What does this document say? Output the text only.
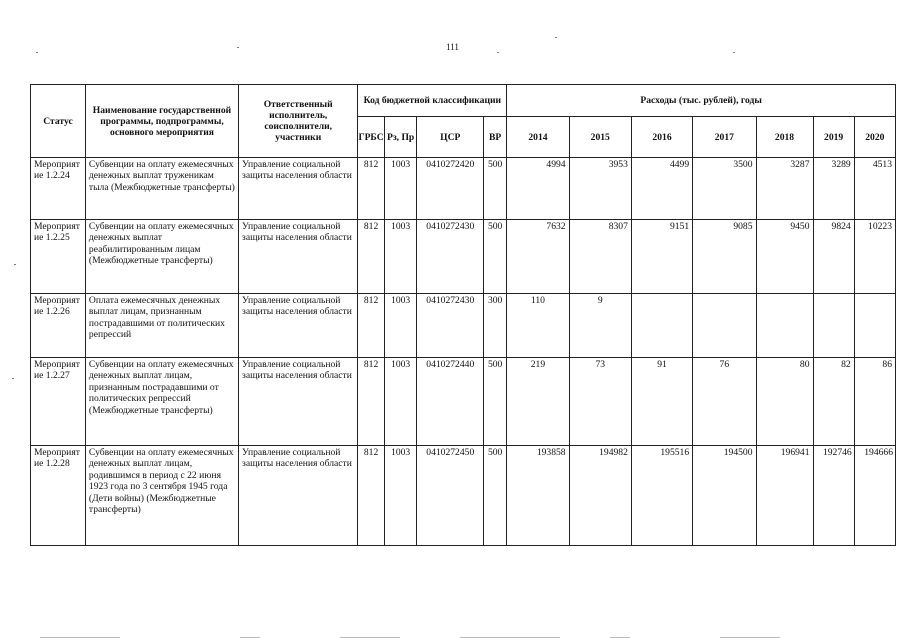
111
Статус	Наименование государственной программы, подпрограммы, основного мероприятия	Ответственный исполнитель, соисполнители, участники	Код бюджетной классификации				Расходы (тыс. рублей), годы						
			ГРБС	Рз, Пр	ЦСР	ВР	2014	2015	2016	2017	2018	2019	2020
Мероприятие 1.2.24	Субвенции на оплату ежемесячных денежных выплат труженикам тыла (Межбюджетные трансферты)	Управление социальной защиты населения области	812	1003	0410272420	500	4994	3953	4499	3500	3287	3289	4513
Мероприятие 1.2.25	Субвенции на оплату ежемесячных денежных выплат реабилитированным лицам (Межбюджетные трансферты)	Управление социальной защиты населения области	812	1003	0410272430	500	7632	8307	9151	9085	9450	9824	10223
Мероприятие 1.2.26	Оплата ежемесячных денежных выплат лицам, признанным пострадавшими от политических репрессий	Управление социальной защиты населения области	812	1003	0410272430	300	110	9					
Мероприятие 1.2.27	Субвенции на оплату ежемесячных денежных выплат лицам, признанным пострадавшими от политических репрессий (Межбюджетные трансферты)	Управление социальной защиты населения области	812	1003	0410272440	500	219	73	91	76	80	82	86
Мероприятие 1.2.28	Субвенции на оплату ежемесячных денежных выплат лицам, родившимся в период с 22 июня 1923 года по 3 сентября 1945 года (Дети войны) (Межбюджетные трансферты)	Управление социальной защиты населения области	812	1003	0410272450	500	193858	194982	195516	194500	196941	192746	194666
